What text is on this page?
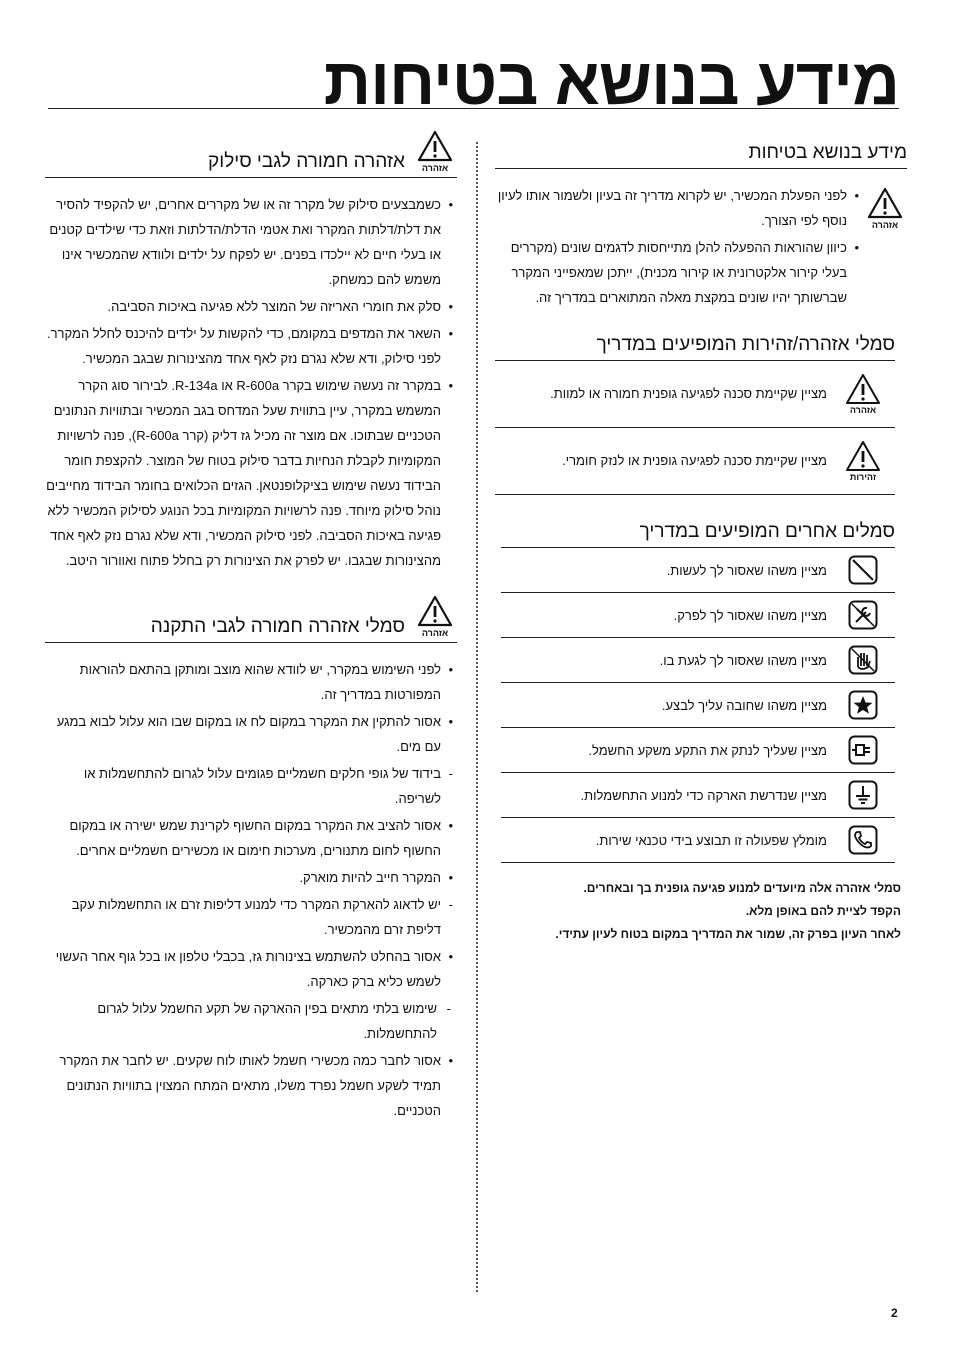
מידע בנושא בטיחות
מידע בנושא בטיחות
אזהרה
• לפני הפעלת המכשיר, יש לקרוא מדריך זה בעיון ולשמור אותו לעיון נוסף לפי הצורך.
• כיוון שהוראות ההפעלה להלן מתייחסות לדגמים שונים (מקררים בעלי קירור אלקטרונית או קירור מכנית), ייתכן שמאפייני המקרר שברשותך יהיו שונים במקצת מאלה המתוארים במדריך זה.
סמלי אזהרה/זהירות המופיעים במדריך
אזהרה
מציין שקיימת סכנה לפגיעה גופנית חמורה או למוות.
זהירות
מציין שקיימת סכנה לפגיעה גופנית או לנזק חומרי.
סמלים אחרים המופיעים במדריך
מציין משהו שאסור לך לעשות.
מציין משהו שאסור לך לפרק.
מציין משהו שאסור לך לגעת בו.
מציין משהו שחובה עליך לבצע.
מציין שעליך לנתק את התקע משקע החשמל.
מציין שנדרשת הארקה כדי למנוע התחשמלות.
מומלץ שפעולה זו תבוצע בידי טכנאי שירות.
סמלי אזהרה אלה מיועדים למנוע פגיעה גופנית בך ובאחרים.
הקפד לציית להם באופן מלא.
לאחר העיון בפרק זה, שמור את המדריך במקום בטוח לעיון עתידי.
אזהרה
אזהרה חמורה לגבי סילוק
• כשמבצעים סילוק של מקרר זה או של מקררים אחרים, יש להקפיד להסיר את דלת/דלתות המקרר ואת אטמי הדלת/הדלתות וזאת כדי שילדים קטנים או בעלי חיים לא יילכדו בפנים. יש לפקח על ילדים ולוודא שהמכשיר אינו משמש להם כמשחק.
• סלק את חומרי האריזה של המוצר ללא פגיעה באיכות הסביבה.
• השאר את המדפים במקומם, כדי להקשות על ילדים להיכנס לחלל המקרר. לפני סילוק, ודא שלא נגרם נזק לאף אחד מהצינורות שבגב המכשיר.
• במקרר זה נעשה שימוש בקרר R-600a או R-134a. לבירור סוג הקרר המשמש במקרר, עיין בתווית שעל המדחס בגב המכשיר ובתוויות הנתונים הטכניים שבתוכו. אם מוצר זה מכיל גז דליק (קרר R-600a), פנה לרשויות המקומיות לקבלת הנחיות בדבר סילוק בטוח של המוצר. להקצפת חומר הבידוד נעשה שימוש בציקלופנטאן. הגזים הכלואים בחומר הבידוד מחייבים נוהל סילוק מיוחד. פנה לרשויות המקומיות בכל הנוגע לסילוק המכשיר ללא פגיעה באיכות הסביבה. לפני סילוק המכשיר, ודא שלא נגרם נזק לאף אחד מהצינורות שבגבו. יש לפרק את הצינורות רק בחלל פתוח ואוורור היטב.
אזהרה
סמלי אזהרה חמורה לגבי התקנה
• לפני השימוש במקרר, יש לוודא שהוא מוצב ומותקן בהתאם להוראות המפורטות במדריך זה.
• אסור להתקין את המקרר במקום לח או במקום שבו הוא עלול לבוא במגע עם מים.
- בידוד של גופי חלקים חשמליים פגומים עלול לגרום להתחשמלות או לשריפה.
• אסור להציב את המקרר במקום החשוף לקרינת שמש ישירה או במקום החשוף לחום מתנורים, מערכות חימום או מכשירים חשמליים אחרים.
• המקרר חייב להיות מוארק.
- יש לדאוג להארקת המקרר כדי למנוע דליפות זרם או התחשמלות עקב דליפת זרם מהמכשיר.
• אסור בהחלט להשתמש בצינורות גז, בכבלי טלפון או בכל גוף אחר העשוי לשמש כליא ברק כארקה.
- שימוש בלתי מתאים בפין ההארקה של תקע החשמל עלול לגרום להתחשמלות.
• אסור לחבר כמה מכשירי חשמל לאותו לוח שקעים. יש לחבר את המקרר תמיד לשקע חשמל נפרד משלו, מתאים המתח המצוין בתוויות הנתונים הטכניים.
2
